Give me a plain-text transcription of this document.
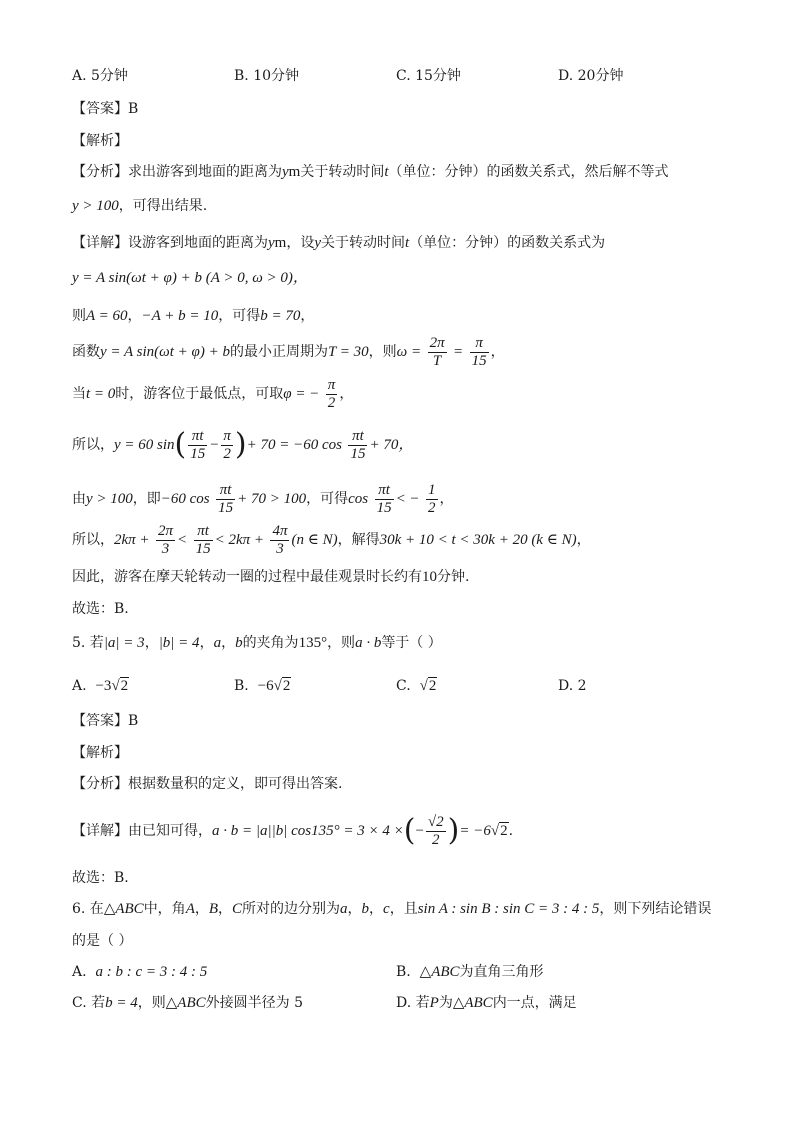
A. 5分钟	B. 10分钟	C. 15分钟	D. 20分钟
【答案】B
【解析】
【分析】求出游客到地面的距离为ym关于转动时间t（单位：分钟）的函数关系式，然后解不等式
y > 100，可得出结果.
【详解】设游客到地面的距离为ym，设y关于转动时间t（单位：分钟）的函数关系式为
y = A sin(ωt + φ) + b (A > 0, ω > 0)，
则A = 60，−A + b = 10，可得b = 70，
函数y = A sin(ωt + φ) + b的最小正周期为T = 30，则$\omega = \frac{2\pi}{T} = \frac{\pi}{15}$ ，
当t = 0时，游客位于最低点，可取φ = − $\frac{\pi}{2}$ ，
所以，y = 60 $\sin( \frac{\pi t}{15} - \frac{\pi}{2}$ )+ 70 = −60 $\cos \frac{\pi t}{15} + 70$，
由y > 100，即−60 $\cos \frac{\pi t}{15} + 70 > 100$，可得$\cos \frac{\pi t}{15}$ < − $\frac{1}{2}$ ，
所以，$2k\pi + \frac{2\pi}{3} < \frac{\pi t}{15} < 2k\pi + \frac{4\pi}{3} (n$ ∈ N)，解得30k + 10 < t < 30k + 20 (k ∈ N)，
因此，游客在摩天轮转动一圈的过程中最佳观景时长约有10分钟.
故选：B.
5. 若|a| = 3，|b| = 4，a，b的夹角为135°，则a · b等于（ ）
A. −3√2	B. −6√2	C. √2	D. 2
【答案】B
【解析】
【分析】根据数量积的定义，即可得出答案.
【详解】由已知可得，a · b = |a||b| cos135° = 3 × 4 ×(− $\frac{√2}{2}$ )= −6√2.
故选：B.
6. 在△ABC中，角A，B，C所对的边分别为a，b，c，且sin A : sin B : sin C = 3 : 4 : 5，则下列结论错误
的是（ ）
A. a : b : c = 3 : 4 : 5	B. △ABC为直角三角形
C. 若b = 4，则△ABC外接圆半径为 5	D. 若P为△ABC内一点，满足
